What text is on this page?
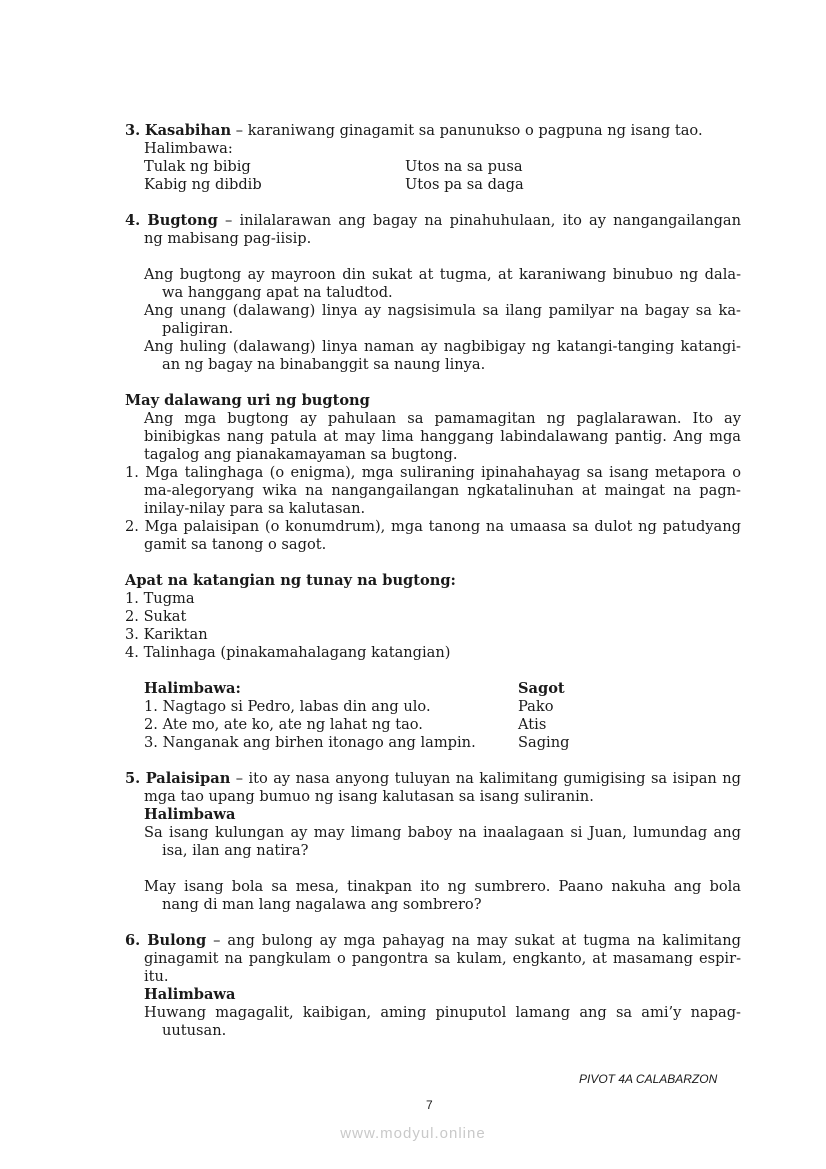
3. Kasabihan – karaniwang ginagamit sa panunukso o pagpuna ng isang tao.
Halimbawa:
Tulak ng bibig	Utos na sa pusa
Kabig ng dibdib	Utos pa sa daga
4. Bugtong – inilalarawan ang bagay na pinahuhulaan, ito ay nangangailangan
ng mabisang pag-iisip.
Ang bugtong ay mayroon din sukat at tugma, at karaniwang binubuo ng dala-
wa hanggang apat na taludtod.
Ang unang (dalawang) linya ay nagsisimula sa ilang pamilyar na bagay sa ka-
paligiran.
Ang huling (dalawang) linya naman ay nagbibigay ng katangi-tanging katangi-
an ng bagay na binabanggit sa naung linya.
May dalawang uri ng bugtong
Ang mga bugtong ay pahulaan sa pamamagitan ng paglalarawan. Ito ay
binibigkas nang patula at may lima hanggang labindalawang pantig. Ang mga
tagalog ang pianakamayaman sa bugtong.
1. Mga talinghaga (o enigma), mga suliraning ipinahahayag sa isang metapora o
ma-alegoryang wika na nangangailangan ngkatalinuhan at maingat na pagn-
inilay-nilay para sa kalutasan.
2. Mga palaisipan (o konumdrum), mga tanong na umaasa sa dulot ng patudyang
gamit sa tanong o sagot.
Apat na katangian ng tunay na bugtong:
1. Tugma
2. Sukat
3. Kariktan
4. Talinhaga (pinakamahalagang katangian)
Halimbawa:	Sagot
1. Nagtago si Pedro, labas din ang ulo.	Pako
2. Ate mo, ate ko, ate ng lahat ng tao.	Atis
3. Nanganak ang birhen itonago ang lampin.	Saging
5. Palaisipan – ito ay nasa anyong tuluyan na kalimitang gumigising sa isipan ng
mga tao upang bumuo ng isang kalutasan sa isang suliranin.
Halimbawa
Sa isang kulungan ay may limang baboy na inaalagaan si Juan, lumundag ang
isa, ilan ang natira?
May isang bola sa mesa, tinakpan ito ng sumbrero. Paano nakuha ang bola
nang di man lang nagalawa ang sombrero?
6. Bulong – ang bulong ay mga pahayag na may sukat at tugma na kalimitang
ginagamit na pangkulam o pangontra sa kulam, engkanto, at masamang espir-
itu.
Halimbawa
Huwang magagalit, kaibigan, aming pinuputol lamang ang sa ami’y napag-
uutusan.
PIVOT 4A CALABARZON
7
www.modyul.online
